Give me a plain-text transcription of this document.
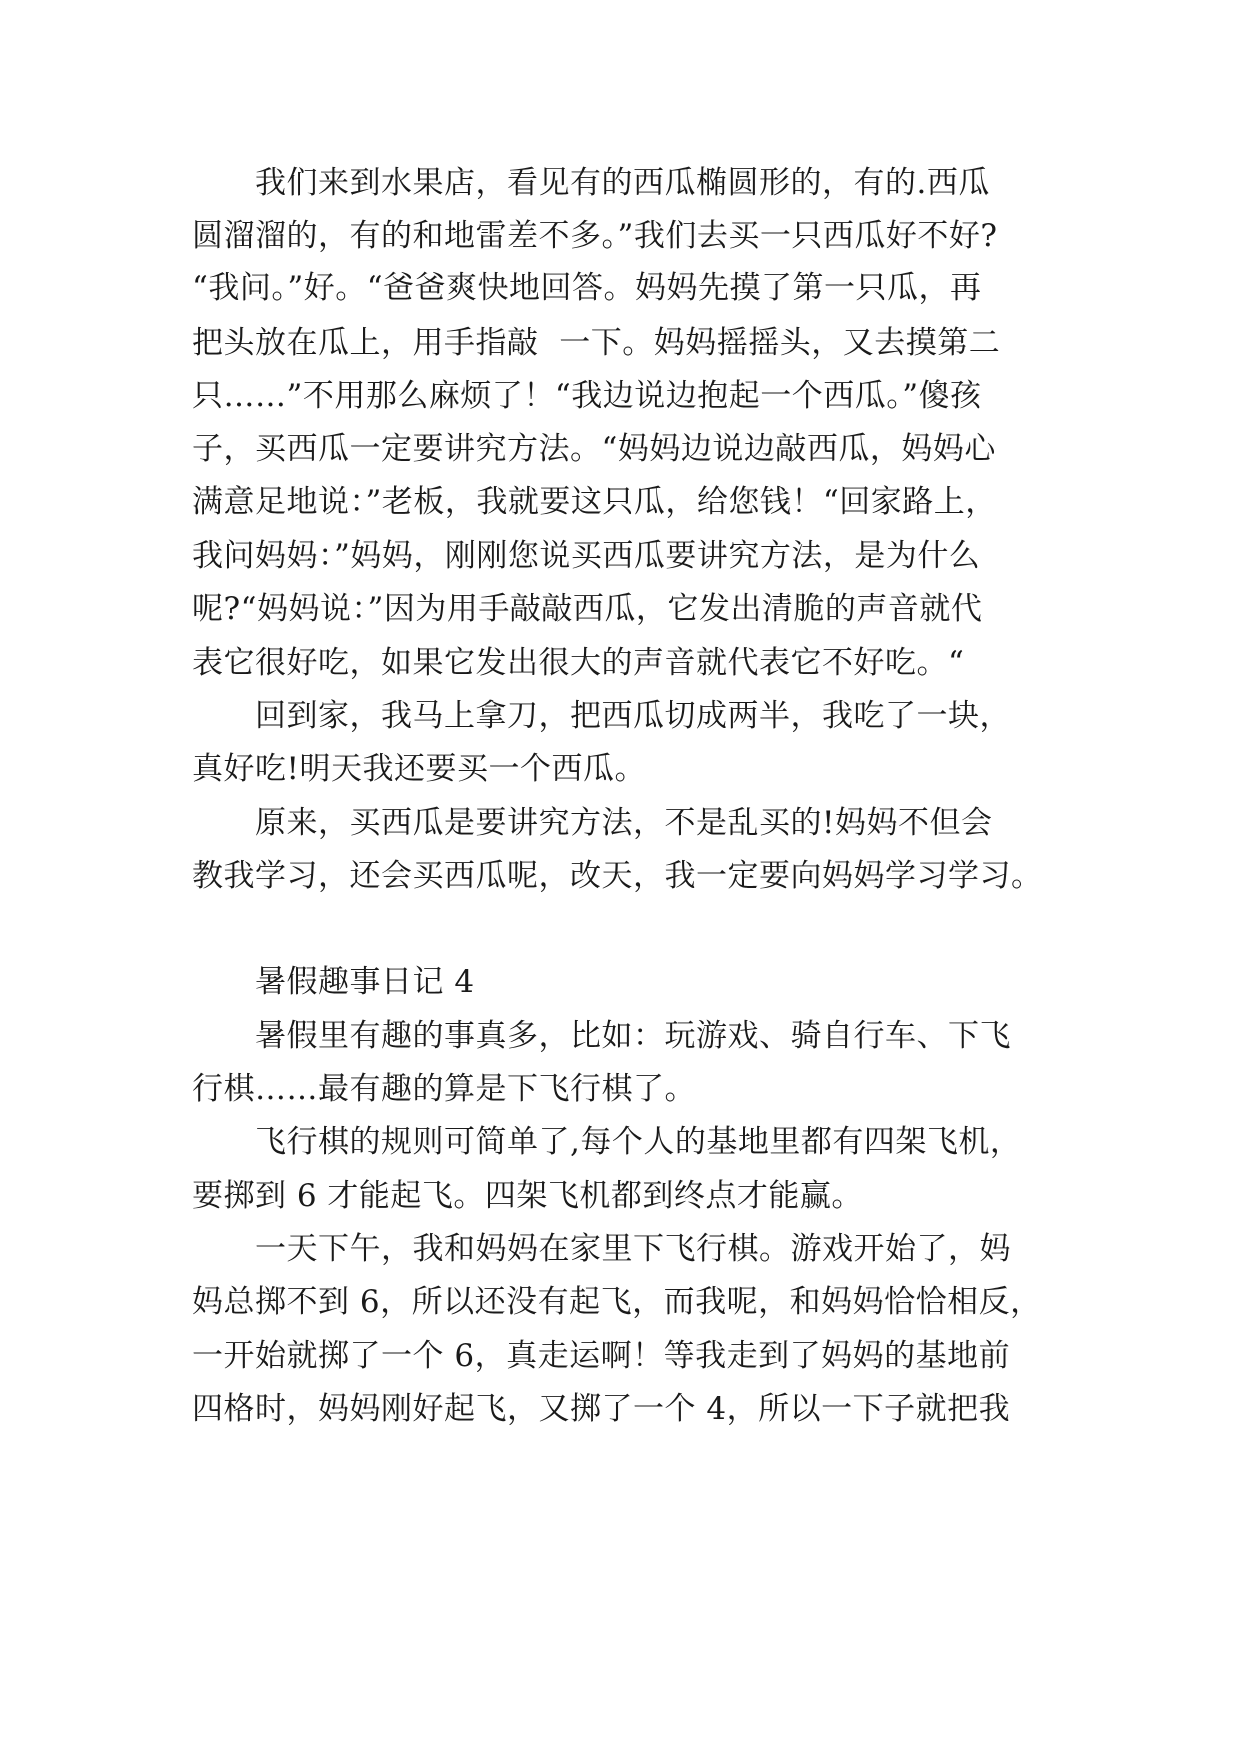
　　我们来到水果店，看见有的西瓜椭圆形的，有的.西瓜
圆溜溜的，有的和地雷差不多。”我们去买一只西瓜好不好?
“我问。”好。“爸爸爽快地回答。妈妈先摸了第一只瓜，再
把头放在瓜上，用手指敲  一下。妈妈摇摇头，又去摸第二
只……”不用那么麻烦了！“我边说边抱起一个西瓜。”傻孩
子，买西瓜一定要讲究方法。“妈妈边说边敲西瓜，妈妈心
满意足地说：”老板，我就要这只瓜，给您钱！“回家路上，
我问妈妈：”妈妈，刚刚您说买西瓜要讲究方法，是为什么
呢?“妈妈说：”因为用手敲敲西瓜，它发出清脆的声音就代
表它很好吃，如果它发出很大的声音就代表它不好吃。“
　　回到家，我马上拿刀，把西瓜切成两半，我吃了一块，
真好吃!明天我还要买一个西瓜。
　　原来，买西瓜是要讲究方法，不是乱买的!妈妈不但会
教我学习，还会买西瓜呢，改天，我一定要向妈妈学习学习。
　　暑假趣事日记 4
　　暑假里有趣的事真多，比如：玩游戏、骑自行车、下飞
行棋……最有趣的算是下飞行棋了。
　　飞行棋的规则可简单了,每个人的基地里都有四架飞机，
要掷到 6 才能起飞。四架飞机都到终点才能赢。
　　一天下午，我和妈妈在家里下飞行棋。游戏开始了，妈
妈总掷不到 6，所以还没有起飞，而我呢，和妈妈恰恰相反，
一开始就掷了一个 6，真走运啊！等我走到了妈妈的基地前
四格时，妈妈刚好起飞，又掷了一个 4，所以一下子就把我
